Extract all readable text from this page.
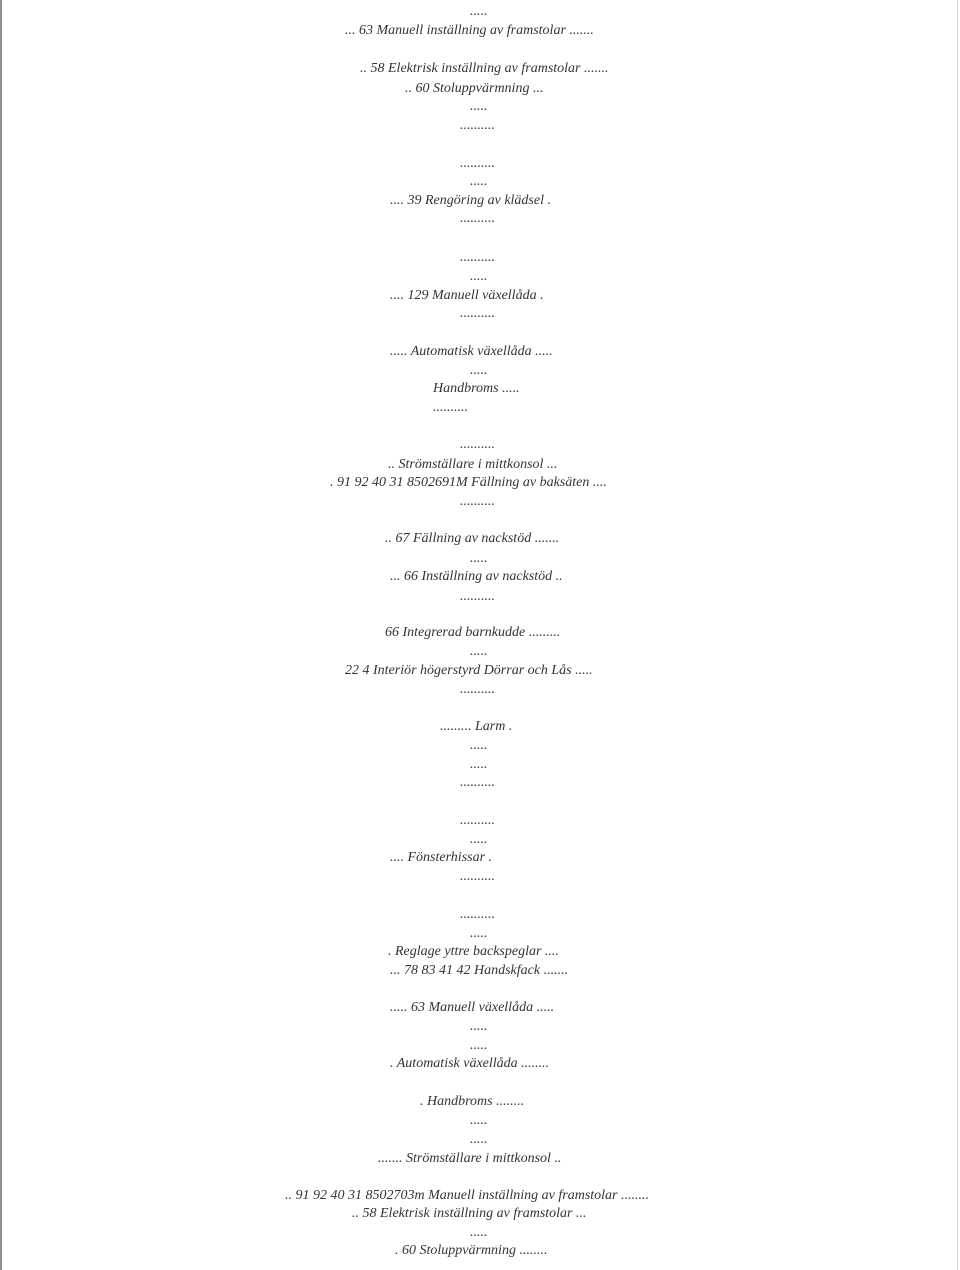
.....
... 63 Manuell inställning av framstolar .......
.. 58 Elektrisk inställning av framstolar .......
.. 60 Stoluppvärmning ...
.....
..........
..........
.....
.... 39 Rengöring av klädsel .
..........
..........
.....
.... 129 Manuell växellåda .
..........
..... Automatisk växellåda .....
.....
Handbroms .....
..........
..........
.. Strömställare i mittkonsol ...
. 91 92 40 31 8502691M Fällning av baksäten ....
..........
.. 67 Fällning av nackstöd .......
.....
... 66 Inställning av nackstöd ..
..........
66 Integrerad barnkudde .........
.....
22 4 Interiör högerstyrd Dörrar och Lås .....
..........
......... Larm .
.....
.....
..........
..........
.....
.... Fönsterhissar .
..........
..........
.....
. Reglage yttre backspeglar ....
... 78 83 41 42 Handskfack .......
..... 63 Manuell växellåda .....
.....
.....
. Automatisk växellåda ........
. Handbroms ........
.....
.....
....... Strömställare i mittkonsol ..
.. 91 92 40 31 8502703m Manuell inställning av framstolar ........
.. 58 Elektrisk inställning av framstolar ...
.....
. 60 Stoluppvärmning ........
